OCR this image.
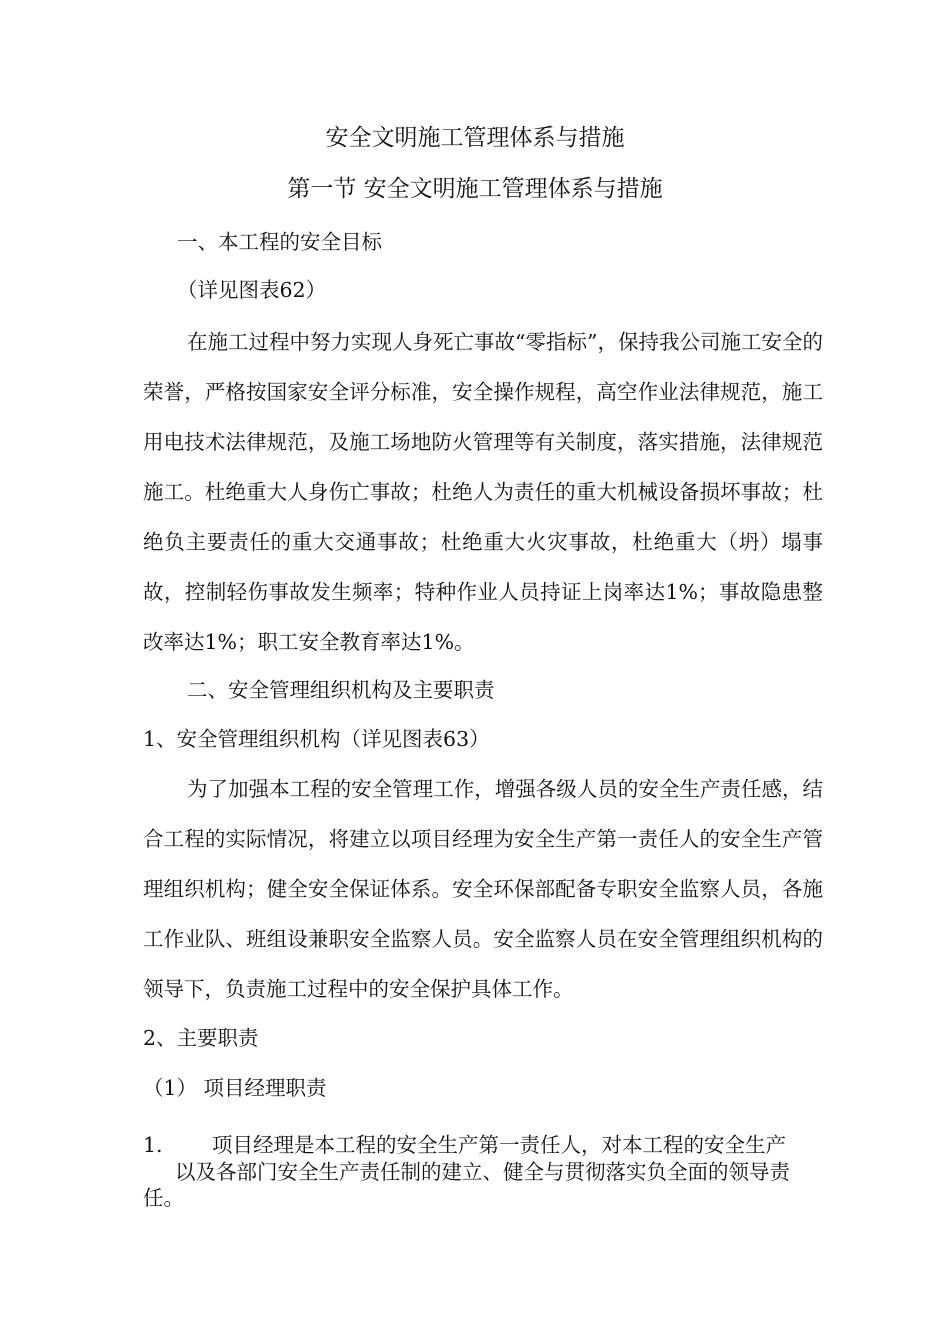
安全文明施工管理体系与措施
第一节 安全文明施工管理体系与措施
一、本工程的安全目标
（详见图表62）
在施工过程中努力实现人身死亡事故“零指标”，保持我公司施工安全的荣誉，严格按国家安全评分标准，安全操作规程，高空作业法律规范，施工用电技术法律规范，及施工场地防火管理等有关制度，落实措施，法律规范施工。杜绝重大人身伤亡事故；杜绝人为责任的重大机械设备损坏事故；杜绝负主要责任的重大交通事故；杜绝重大火灾事故，杜绝重大（坍）塌事故，控制轻伤事故发生频率；特种作业人员持证上岗率达1%；事故隐患整改率达1%；职工安全教育率达1%。
二、安全管理组织机构及主要职责
1、安全管理组织机构（详见图表63）
为了加强本工程的安全管理工作，增强各级人员的安全生产责任感，结合工程的实际情况，将建立以项目经理为安全生产第一责任人的安全生产管理组织机构；健全安全保证体系。安全环保部配备专职安全监察人员，各施工作业队、班组设兼职安全监察人员。安全监察人员在安全管理组织机构的领导下，负责施工过程中的安全保护具体工作。
2、主要职责
（1） 项目经理职责
1. 项目经理是本工程的安全生产第一责任人，对本工程的安全生产
以及各部门安全生产责任制的建立、健全与贯彻落实负全面的领导责
任。
